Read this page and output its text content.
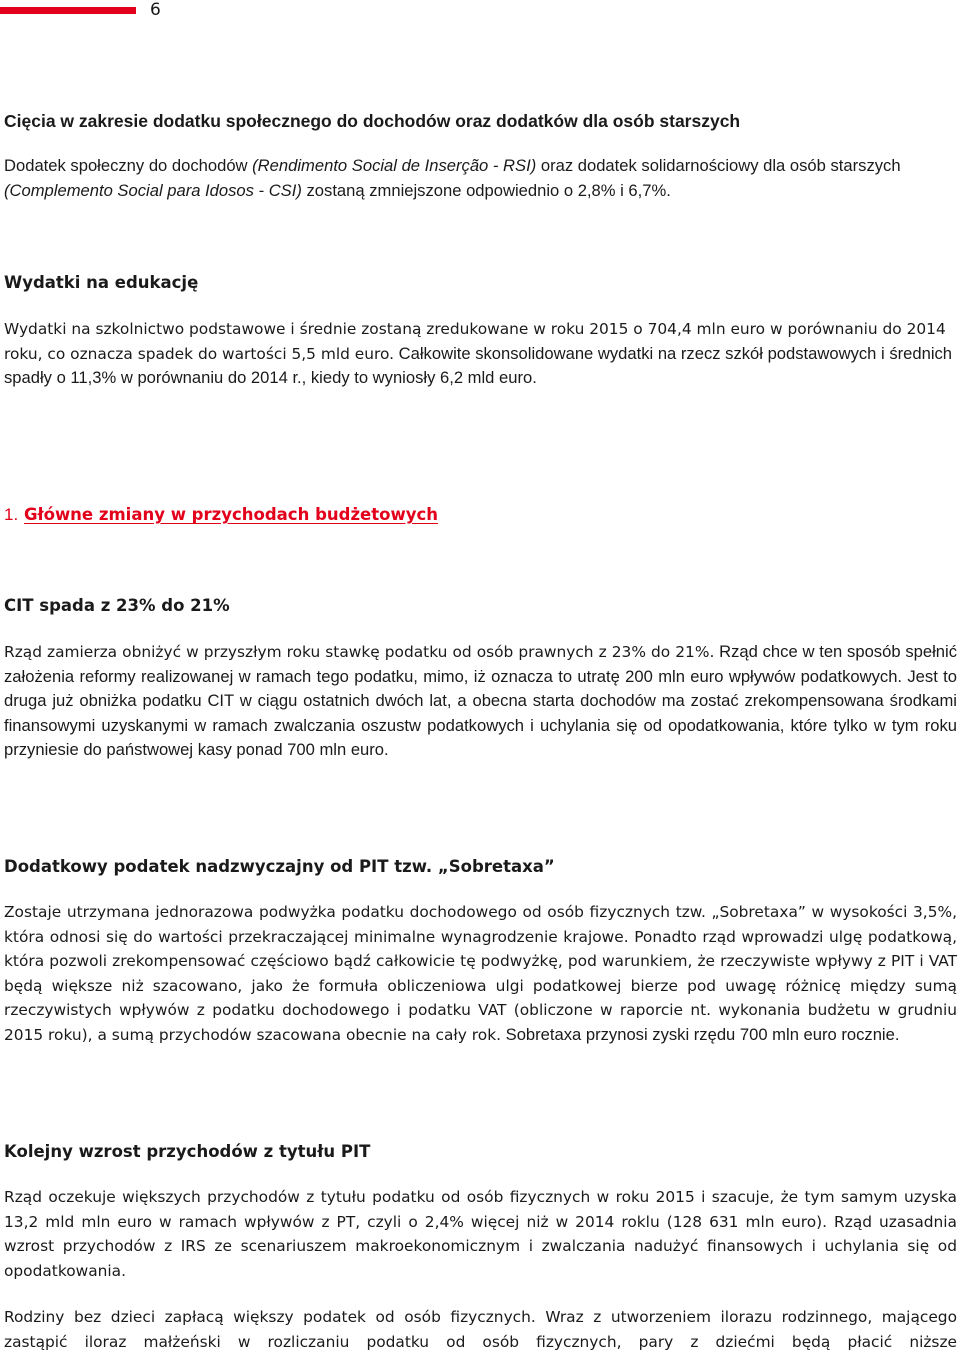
6
Cięcia w zakresie dodatku społecznego do dochodów oraz dodatków dla osób starszych

Dodatek społeczny do dochodów (Rendimento Social de Inserção - RSI) oraz dodatek solidarnościowy dla osób starszych (Complemento Social para Idosos - CSI) zostaną zmniejszone odpowiednio o 2,8% i 6,7%.

Wydatki na edukację

Wydatki na szkolnictwo podstawowe i średnie zostaną zredukowane w roku 2015 o 704,4 mln euro w porównaniu do 2014 roku, co oznacza spadek do wartości 5,5 mld euro. Całkowite skonsolidowane wydatki na rzecz szkół podstawowych i średnich spadły o 11,3% w porównaniu do 2014 r., kiedy to wyniosły 6,2 mld euro.

1. Główne zmiany w przychodach budżetowych
CIT spada z 23% do 21%

Rząd zamierza obniżyć w przyszłym roku stawkę podatku od osób prawnych z 23% do 21%. Rząd chce w ten sposób spełnić założenia reformy realizowanej w ramach tego podatku, mimo, iż oznacza to utratę 200 mln euro wpływów podatkowych. Jest to druga już obniżka podatku CIT w ciągu ostatnich dwóch lat, a obecna starta dochodów ma zostać zrekompensowana środkami finansowymi uzyskanymi w ramach zwalczania oszustw podatkowych i uchylania się od opodatkowania, które tylko w tym roku przyniesie do państwowej kasy ponad 700 mln euro.

Dodatkowy podatek nadzwyczajny od PIT tzw. „Sobretaxa”

Zostaje utrzymana jednorazowa podwyżka podatku dochodowego od osób fizycznych tzw. „Sobretaxa” w wysokości 3,5%, która odnosi się do wartości przekraczającej minimalne wynagrodzenie krajowe. Ponadto rząd wprowadzi ulgę podatkową, która pozwoli zrekompensować częściowo bądź całkowicie tę podwyżkę, pod warunkiem, że rzeczywiste wpływy z PIT i VAT będą większe niż szacowano, jako że formuła obliczeniowa ulgi podatkowej bierze pod uwagę różnicę między sumą rzeczywistych wpływów z podatku dochodowego i podatku VAT (obliczone w raporcie nt. wykonania budżetu w grudniu 2015 roku), a sumą przychodów szacowana obecnie na cały rok. Sobretaxa przynosi zyski rzędu 700 mln euro rocznie.

Kolejny wzrost przychodów z tytułu PIT

Rząd oczekuje większych przychodów z tytułu podatku od osób fizycznych w roku 2015 i szacuje, że tym samym uzyska 13,2 mld mln euro w ramach wpływów z PT, czyli o 2,4% więcej niż w 2014 roklu (128 631 mln euro). Rząd uzasadnia wzrost przychodów z IRS ze scenariuszem makroekonomicznym i zwalczania nadużyć finansowych i uchylania się od opodatkowania.

Rodziny bez dzieci zapłacą większy podatek od osób fizycznych. Wraz z utworzeniem ilorazu rodzinnego, mającego zastąpić iloraz małżeński w rozliczaniu podatku od osób fizycznych, pary z dziećmi będą płacić niższe
